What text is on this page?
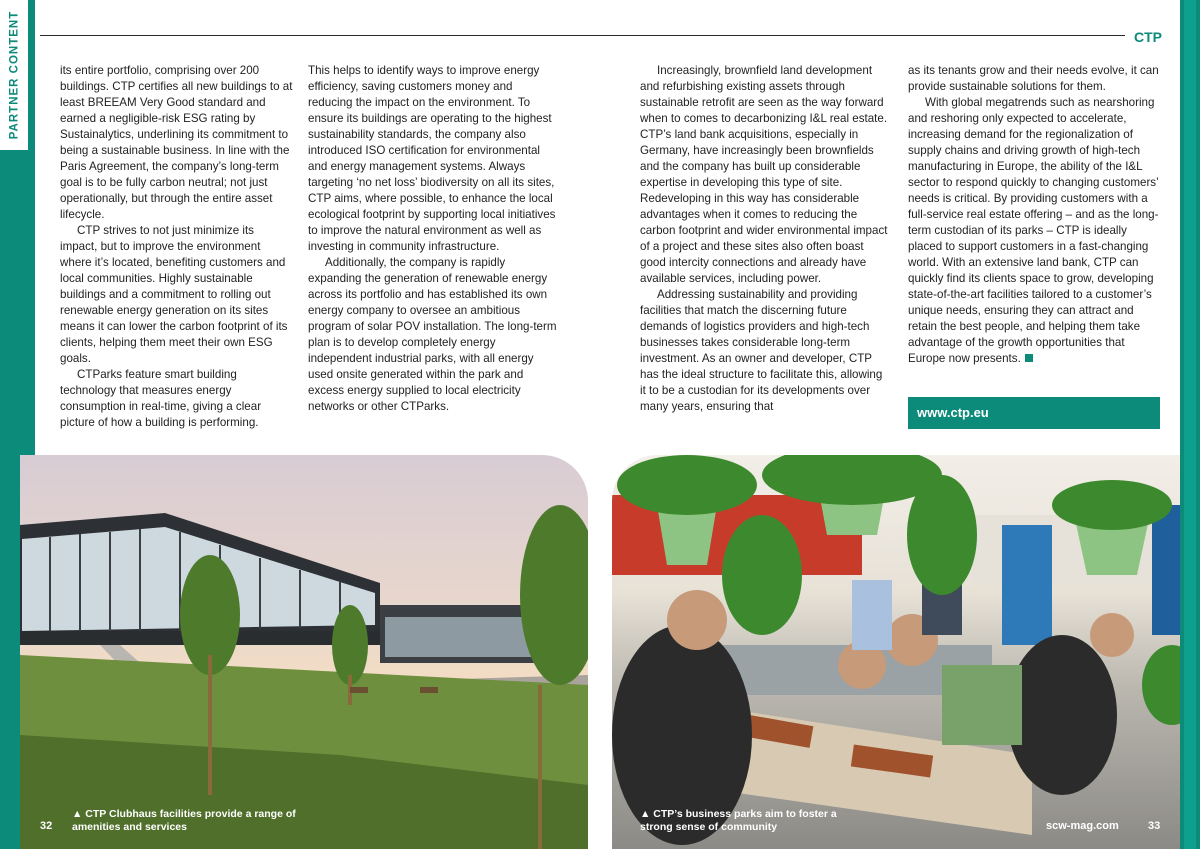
PARTNER CONTENT	CTP

its entire portfolio, comprising over 200 buildings. CTP certifies all new buildings to at least BREEAM Very Good standard and earned a negligible-risk ESG rating by Sustainalytics, underlining its commitment to being a sustainable business. In line with the Paris Agreement, the company’s long-term goal is to be fully carbon neutral; not just operationally, but through the entire asset lifecycle.

CTP strives to not just minimize its impact, but to improve the environment where it’s located, benefiting customers and local communities. Highly sustainable buildings and a commitment to rolling out renewable energy generation on its sites means it can lower the carbon footprint of its clients, helping them meet their own ESG goals.

CTParks feature smart building technology that measures energy consumption in real-time, giving a clear picture of how a building is performing.

This helps to identify ways to improve energy efficiency, saving customers money and reducing the impact on the environment. To ensure its buildings are operating to the highest sustainability standards, the company also introduced ISO certification for environmental and energy management systems. Always targeting ‘no net loss’ biodiversity on all its sites, CTP aims, where possible, to enhance the local ecological footprint by supporting local initiatives to improve the natural environment as well as investing in community infrastructure.

Additionally, the company is rapidly expanding the generation of renewable energy across its portfolio and has established its own energy company to oversee an ambitious program of solar POV installation. The long-term plan is to develop completely energy independent industrial parks, with all energy used onsite generated within the park and excess energy supplied to local electricity networks or other CTParks.

Increasingly, brownfield land development and refurbishing existing assets through sustainable retrofit are seen as the way forward when to comes to decarbonizing I&L real estate. CTP’s land bank acquisitions, especially in Germany, have increasingly been brownfields and the company has built up considerable expertise in developing this type of site. Redeveloping in this way has considerable advantages when it comes to reducing the carbon footprint and wider environmental impact of a project and these sites also often boast good intercity connections and already have available services, including power.

Addressing sustainability and providing facilities that match the discerning future demands of logistics providers and high-tech businesses takes considerable long-term investment. As an owner and developer, CTP has the ideal structure to facilitate this, allowing it to be a custodian for its developments over many years, ensuring that

as its tenants grow and their needs evolve, it can provide sustainable solutions for them.

With global megatrends such as nearshoring and reshoring only expected to accelerate, increasing demand for the regionalization of supply chains and driving growth of high-tech manufacturing in Europe, the ability of the I&L sector to respond quickly to changing customers’ needs is critical. By providing customers with a full-service real estate offering – and as the long-term custodian of its parks – CTP is ideally placed to support customers in a fast-changing world. With an extensive land bank, CTP can quickly find its clients space to grow, developing state-of-the-art facilities tailored to a customer’s unique needs, ensuring they can attract and retain the best people, and helping them take advantage of the growth opportunities that Europe now presents.

www.ctp.eu
▲ CTP Clubhaus facilities provide a range of amenities and services
32
▲ CTP’s business parks aim to foster a strong sense of community	scw-mag.com	33
